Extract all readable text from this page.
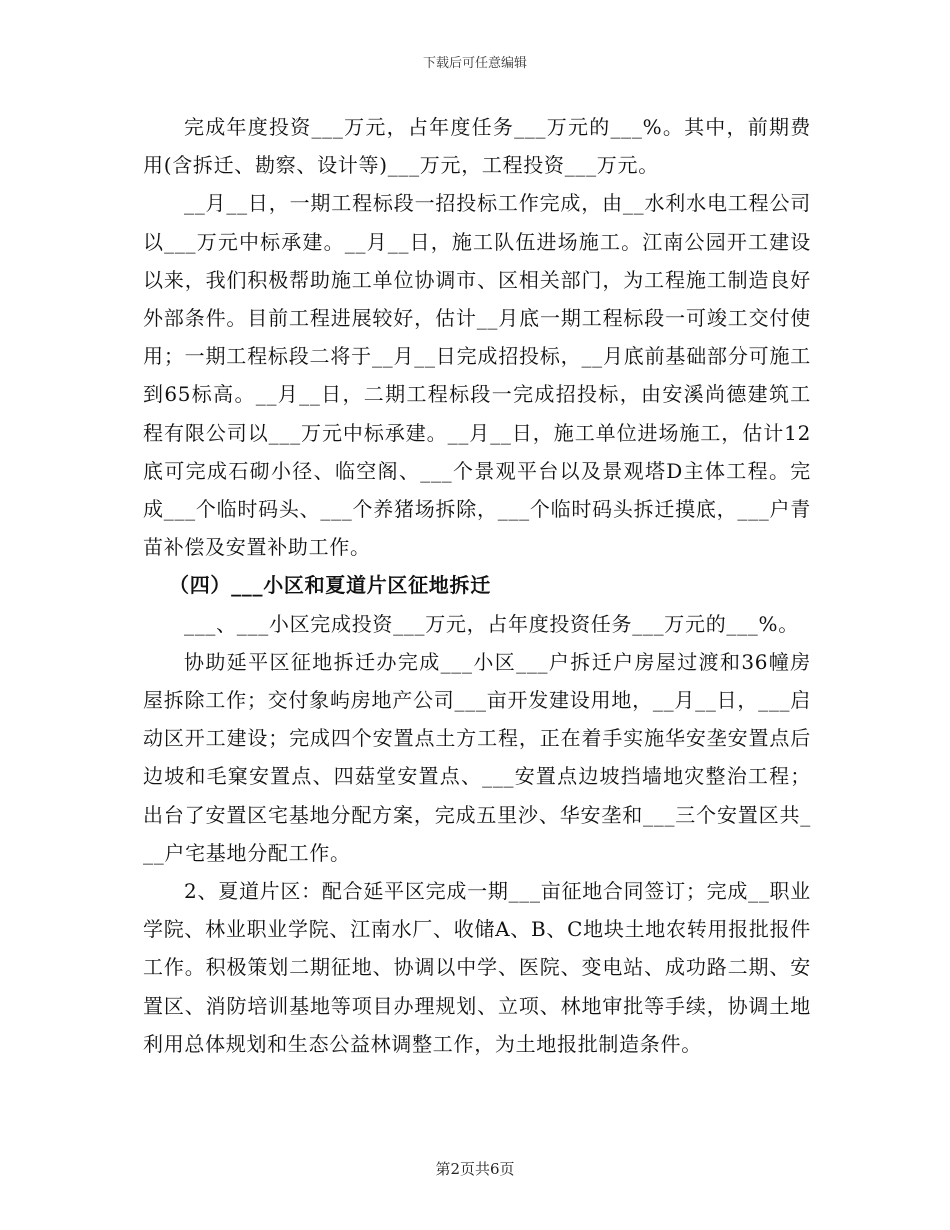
下载后可任意编辑

完成年度投资___万元，占年度任务___万元的___%。其中，前期费用(含拆迁、勘察、设计等)___万元，工程投资___万元。

__月__日，一期工程标段一招投标工作完成，由__水利水电工程公司以___万元中标承建。__月__日，施工队伍进场施工。江南公园开工建设以来，我们积极帮助施工单位协调市、区相关部门，为工程施工制造良好外部条件。目前工程进展较好，估计__月底一期工程标段一可竣工交付使用；一期工程标段二将于__月__日完成招投标，__月底前基础部分可施工到65标高。__月__日，二期工程标段一完成招投标，由安溪尚德建筑工程有限公司以___万元中标承建。__月__日，施工单位进场施工，估计12底可完成石砌小径、临空阁、___个景观平台以及景观塔D主体工程。完成___个临时码头、___个养猪场拆除，___个临时码头拆迁摸底，___户青苗补偿及安置补助工作。

（四）___小区和夏道片区征地拆迁

___、___小区完成投资___万元，占年度投资任务___万元的___%。

协助延平区征地拆迁办完成___小区___户拆迁户房屋过渡和36幢房屋拆除工作；交付象屿房地产公司___亩开发建设用地，__月__日，___启动区开工建设；完成四个安置点土方工程，正在着手实施华安垄安置点后边坡和毛窠安置点、四菇堂安置点、___安置点边坡挡墙地灾整治工程；出台了安置区宅基地分配方案，完成五里沙、华安垄和___三个安置区共___户宅基地分配工作。

2、夏道片区：配合延平区完成一期___亩征地合同签订；完成__职业学院、林业职业学院、江南水厂、收储A、B、C地块土地农转用报批报件工作。积极策划二期征地、协调以中学、医院、变电站、成功路二期、安置区、消防培训基地等项目办理规划、立项、林地审批等手续，协调土地利用总体规划和生态公益林调整工作，为土地报批制造条件。

第2页共6页
